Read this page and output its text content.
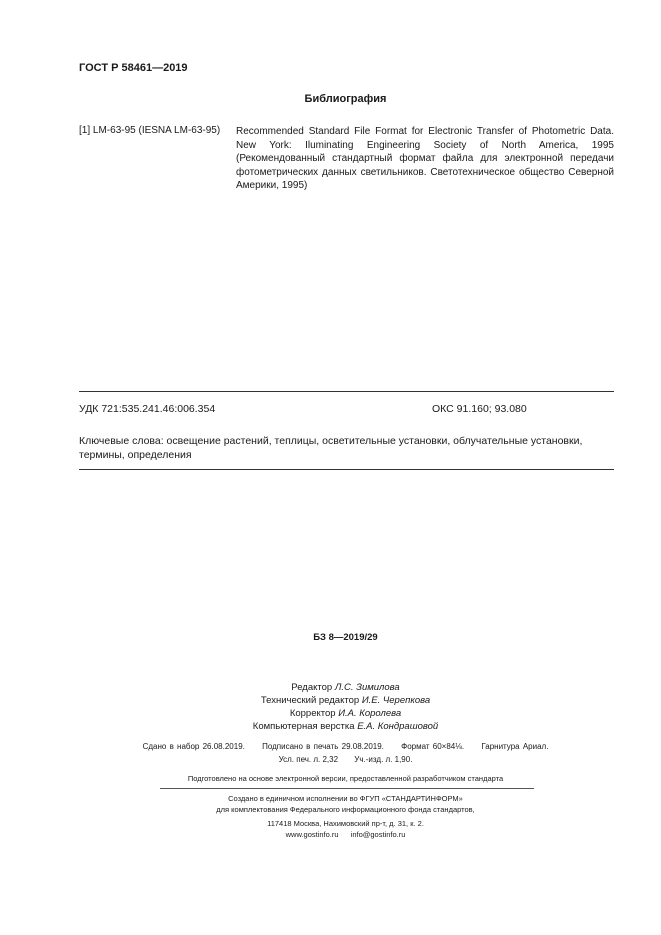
ГОСТ Р 58461—2019
Библиография
[1] LM-63-95 (IESNA LM-63-95) Recommended Standard File Format for Electronic Transfer of Photometric Data. New York: Iluminating Engineering Society of North America, 1995 (Рекомендованный стандартный формат файла для электронной передачи фотометрических данных светильников. Светотехническое общество Северной Америки, 1995)
УДК 721:535.241.46:006.354	ОКС 91.160; 93.080
Ключевые слова: освещение растений, теплицы, осветительные установки, облучательные установки, термины, определения
БЗ 8—2019/29
Редактор Л.С. Зимилова
Технический редактор И.Е. Черепкова
Корректор И.А. Королева
Компьютерная верстка Е.А. Кондрашовой
Сдано в набор 26.08.2019. Подписано в печать 29.08.2019. Формат 60×84⅛. Гарнитура Ариал.
Усл. печ. л. 2,32 Уч.-изд. л. 1,90.
Подготовлено на основе электронной версии, предоставленной разработчиком стандарта
Создано в единичном исполнении во ФГУП «СТАНДАРТИНФОРМ»
для комплектования Федерального информационного фонда стандартов,
117418 Москва, Нахимовский пр-т, д. 31, к. 2.
www.gostinfo.ru info@gostinfo.ru
